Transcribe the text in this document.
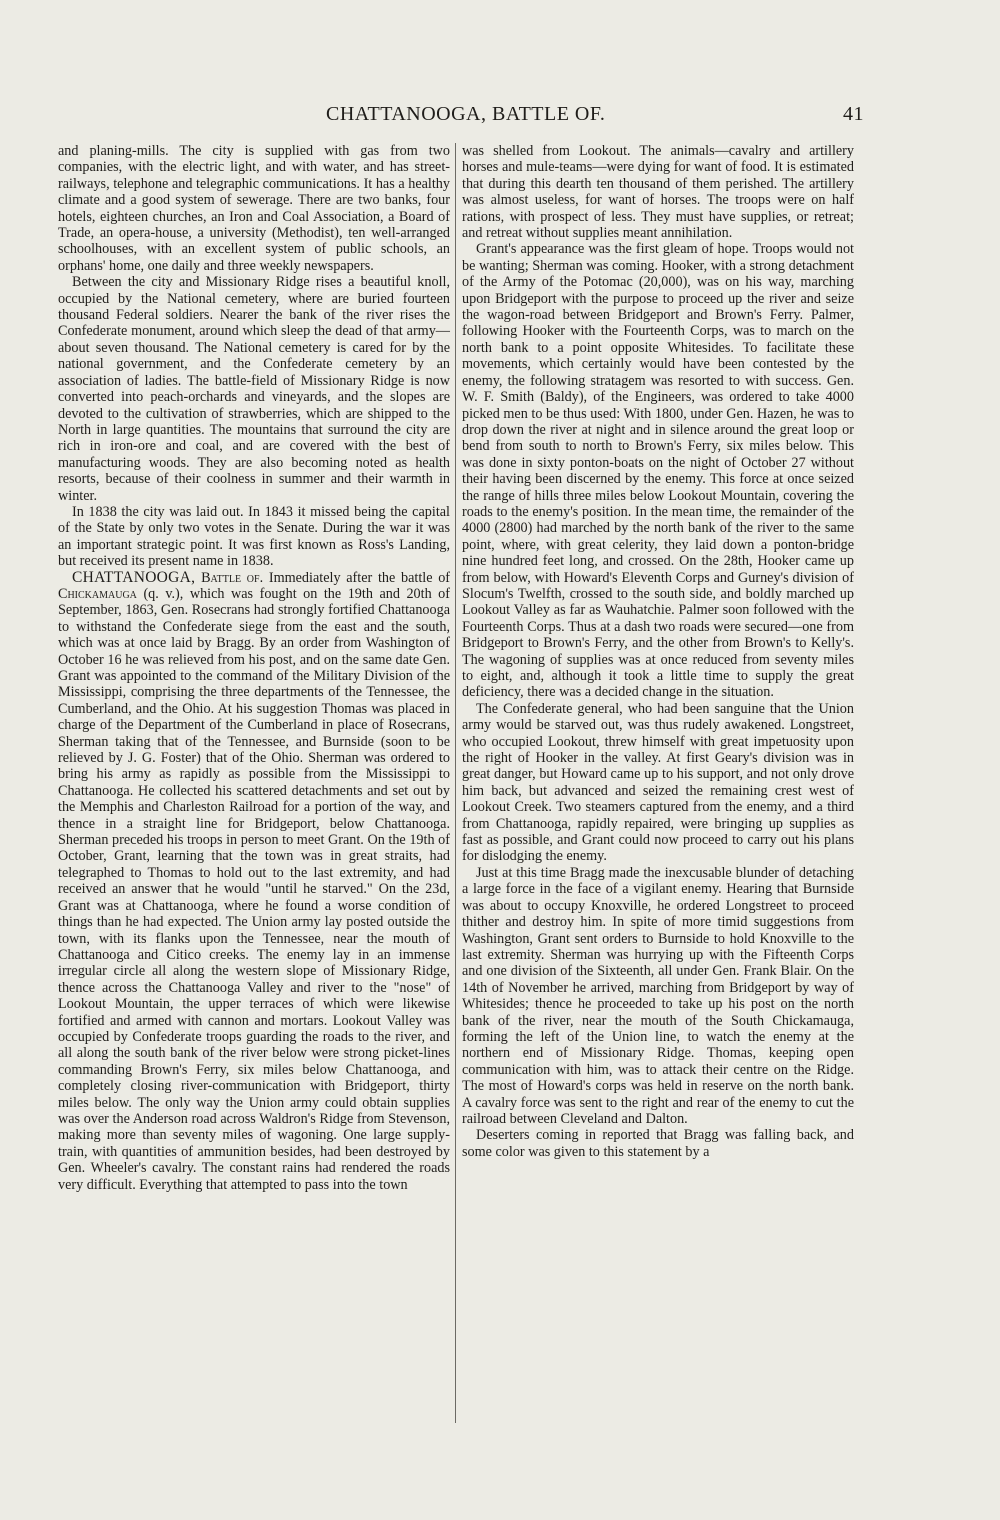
CHATTANOOGA, BATTLE OF.	41

and planing-mills. The city is supplied with gas from two companies, with the electric light, and with water, and has street-railways, telephone and telegraphic communications. It has a healthy climate and a good system of sewerage. There are two banks, four hotels, eighteen churches, an Iron and Coal Association, a Board of Trade, an opera-house, a university (Methodist), ten well-arranged schoolhouses, with an excellent system of public schools, an orphans' home, one daily and three weekly newspapers.

Between the city and Missionary Ridge rises a beautiful knoll, occupied by the National cemetery, where are buried fourteen thousand Federal soldiers. Nearer the bank of the river rises the Confederate monument, around which sleep the dead of that army—about seven thousand. The National cemetery is cared for by the national government, and the Confederate cemetery by an association of ladies. The battle-field of Missionary Ridge is now converted into peach-orchards and vineyards, and the slopes are devoted to the cultivation of strawberries, which are shipped to the North in large quantities. The mountains that surround the city are rich in iron-ore and coal, and are covered with the best of manufacturing woods. They are also becoming noted as health resorts, because of their coolness in summer and their warmth in winter.

In 1838 the city was laid out. In 1843 it missed being the capital of the State by only two votes in the Senate. During the war it was an important strategic point. It was first known as Ross's Landing, but received its present name in 1838.

CHATTANOOGA, Battle of. Immediately after the battle of Chickamauga (q. v.), which was fought on the 19th and 20th of September, 1863, Gen. Rosecrans had strongly fortified Chattanooga to withstand the Confederate siege from the east and the south, which was at once laid by Bragg. By an order from Washington of October 16 he was relieved from his post, and on the same date Gen. Grant was appointed to the command of the Military Division of the Mississippi, comprising the three departments of the Tennessee, the Cumberland, and the Ohio. At his suggestion Thomas was placed in charge of the Department of the Cumberland in place of Rosecrans, Sherman taking that of the Tennessee, and Burnside (soon to be relieved by J. G. Foster) that of the Ohio. Sherman was ordered to bring his army as rapidly as possible from the Mississippi to Chattanooga. He collected his scattered detachments and set out by the Memphis and Charleston Railroad for a portion of the way, and thence in a straight line for Bridgeport, below Chattanooga. Sherman preceded his troops in person to meet Grant. On the 19th of October, Grant, learning that the town was in great straits, had telegraphed to Thomas to hold out to the last extremity, and had received an answer that he would "until he starved." On the 23d, Grant was at Chattanooga, where he found a worse condition of things than he had expected. The Union army lay posted outside the town, with its flanks upon the Tennessee, near the mouth of Chattanooga and Citico creeks. The enemy lay in an immense irregular circle all along the western slope of Missionary Ridge, thence across the Chattanooga Valley and river to the "nose" of Lookout Mountain, the upper terraces of which were likewise fortified and armed with cannon and mortars. Lookout Valley was occupied by Confederate troops guarding the roads to the river, and all along the south bank of the river below were strong picket-lines commanding Brown's Ferry, six miles below Chattanooga, and completely closing river-communication with Bridgeport, thirty miles below. The only way the Union army could obtain supplies was over the Anderson road across Waldron's Ridge from Stevenson, making more than seventy miles of wagoning. One large supply-train, with quantities of ammunition besides, had been destroyed by Gen. Wheeler's cavalry. The constant rains had rendered the roads very difficult. Everything that attempted to pass into the town

was shelled from Lookout. The animals—cavalry and artillery horses and mule-teams—were dying for want of food. It is estimated that during this dearth ten thousand of them perished. The artillery was almost useless, for want of horses. The troops were on half rations, with prospect of less. They must have supplies, or retreat; and retreat without supplies meant annihilation.

Grant's appearance was the first gleam of hope. Troops would not be wanting; Sherman was coming. Hooker, with a strong detachment of the Army of the Potomac (20,000), was on his way, marching upon Bridgeport with the purpose to proceed up the river and seize the wagon-road between Bridgeport and Brown's Ferry. Palmer, following Hooker with the Fourteenth Corps, was to march on the north bank to a point opposite Whitesides. To facilitate these movements, which certainly would have been contested by the enemy, the following stratagem was resorted to with success. Gen. W. F. Smith (Baldy), of the Engineers, was ordered to take 4000 picked men to be thus used: With 1800, under Gen. Hazen, he was to drop down the river at night and in silence around the great loop or bend from south to north to Brown's Ferry, six miles below. This was done in sixty ponton-boats on the night of October 27 without their having been discerned by the enemy. This force at once seized the range of hills three miles below Lookout Mountain, covering the roads to the enemy's position. In the mean time, the remainder of the 4000 (2800) had marched by the north bank of the river to the same point, where, with great celerity, they laid down a ponton-bridge nine hundred feet long, and crossed. On the 28th, Hooker came up from below, with Howard's Eleventh Corps and Gurney's division of Slocum's Twelfth, crossed to the south side, and boldly marched up Lookout Valley as far as Wauhatchie. Palmer soon followed with the Fourteenth Corps. Thus at a dash two roads were secured—one from Bridgeport to Brown's Ferry, and the other from Brown's to Kelly's. The wagoning of supplies was at once reduced from seventy miles to eight, and, although it took a little time to supply the great deficiency, there was a decided change in the situation.

The Confederate general, who had been sanguine that the Union army would be starved out, was thus rudely awakened. Longstreet, who occupied Lookout, threw himself with great impetuosity upon the right of Hooker in the valley. At first Geary's division was in great danger, but Howard came up to his support, and not only drove him back, but advanced and seized the remaining crest west of Lookout Creek. Two steamers captured from the enemy, and a third from Chattanooga, rapidly repaired, were bringing up supplies as fast as possible, and Grant could now proceed to carry out his plans for dislodging the enemy.

Just at this time Bragg made the inexcusable blunder of detaching a large force in the face of a vigilant enemy. Hearing that Burnside was about to occupy Knoxville, he ordered Longstreet to proceed thither and destroy him. In spite of more timid suggestions from Washington, Grant sent orders to Burnside to hold Knoxville to the last extremity. Sherman was hurrying up with the Fifteenth Corps and one division of the Sixteenth, all under Gen. Frank Blair. On the 14th of November he arrived, marching from Bridgeport by way of Whitesides; thence he proceeded to take up his post on the north bank of the river, near the mouth of the South Chickamauga, forming the left of the Union line, to watch the enemy at the northern end of Missionary Ridge. Thomas, keeping open communication with him, was to attack their centre on the Ridge. The most of Howard's corps was held in reserve on the north bank. A cavalry force was sent to the right and rear of the enemy to cut the railroad between Cleveland and Dalton.

Deserters coming in reported that Bragg was falling back, and some color was given to this statement by a
